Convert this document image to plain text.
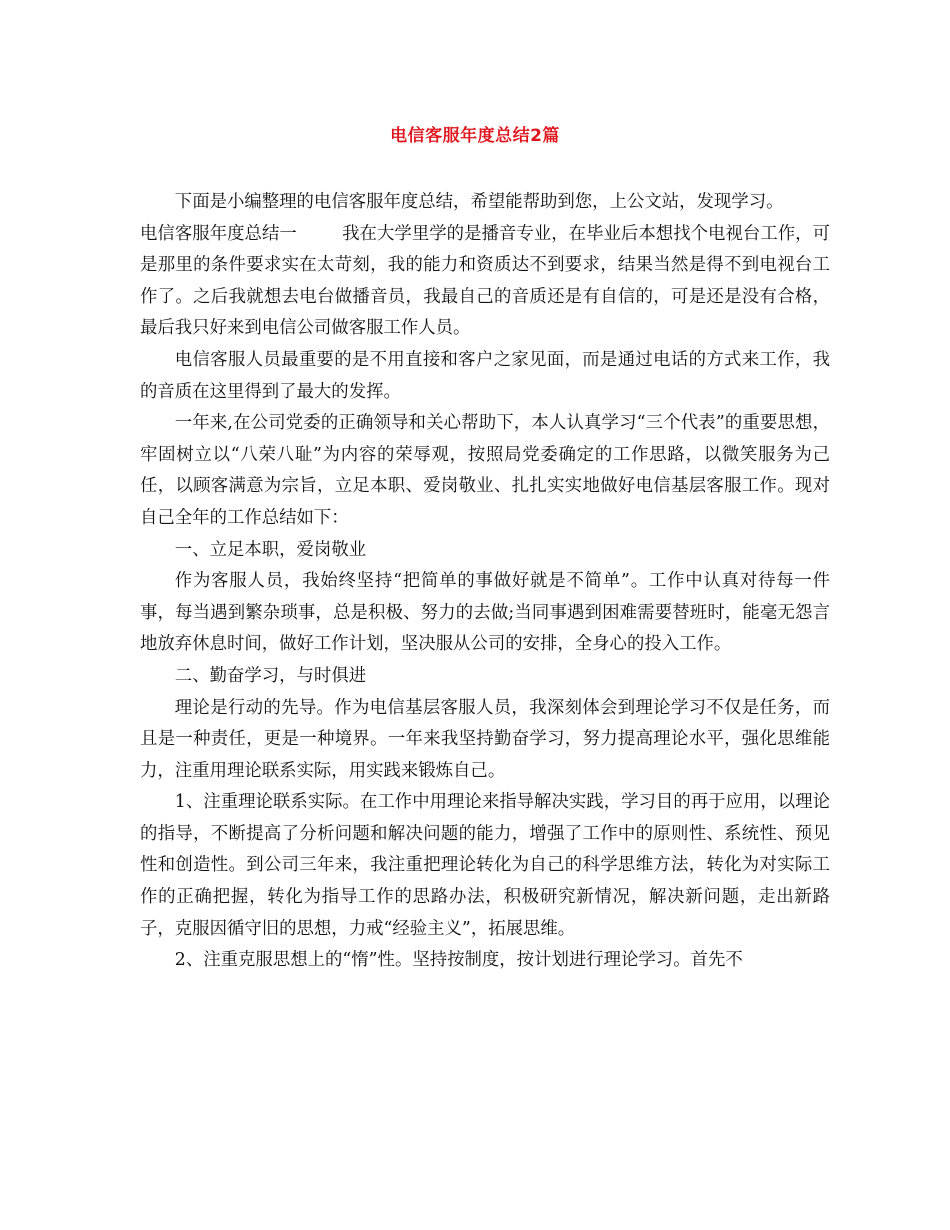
电信客服年度总结2篇

下面是小编整理的电信客服年度总结，希望能帮助到您，上公文站，发现学习。

电信客服年度总结一	我在大学里学的是播音专业，在毕业后本想找个电视台工作，可是那里的条件要求实在太苛刻，我的能力和资质达不到要求，结果当然是得不到电视台工作了。之后我就想去电台做播音员，我最自己的音质还是有自信的，可是还是没有合格，最后我只好来到电信公司做客服工作人员。

电信客服人员最重要的是不用直接和客户之家见面，而是通过电话的方式来工作，我的音质在这里得到了最大的发挥。

一年来,在公司党委的正确领导和关心帮助下，本人认真学习“三个代表”的重要思想，牢固树立以“八荣八耻”为内容的荣辱观，按照局党委确定的工作思路，以微笑服务为己任，以顾客满意为宗旨，立足本职、爱岗敬业、扎扎实实地做好电信基层客服工作。现对自己全年的工作总结如下：

一、立足本职，爱岗敬业

作为客服人员，我始终坚持“把简单的事做好就是不简单”。工作中认真对待每一件事，每当遇到繁杂琐事，总是积极、努力的去做;当同事遇到困难需要替班时，能毫无怨言地放弃休息时间，做好工作计划，坚决服从公司的安排，全身心的投入工作。

二、勤奋学习，与时俱进

理论是行动的先导。作为电信基层客服人员，我深刻体会到理论学习不仅是任务，而且是一种责任，更是一种境界。一年来我坚持勤奋学习，努力提高理论水平，强化思维能力，注重用理论联系实际，用实践来锻炼自己。

1、注重理论联系实际。在工作中用理论来指导解决实践，学习目的再于应用，以理论的指导，不断提高了分析问题和解决问题的能力，增强了工作中的原则性、系统性、预见性和创造性。到公司三年来，我注重把理论转化为自己的科学思维方法，转化为对实际工作的正确把握，转化为指导工作的思路办法，积极研究新情况，解决新问题，走出新路子，克服因循守旧的思想，力戒“经验主义”，拓展思维。

2、注重克服思想上的“惰”性。坚持按制度，按计划进行理论学习。首先不
